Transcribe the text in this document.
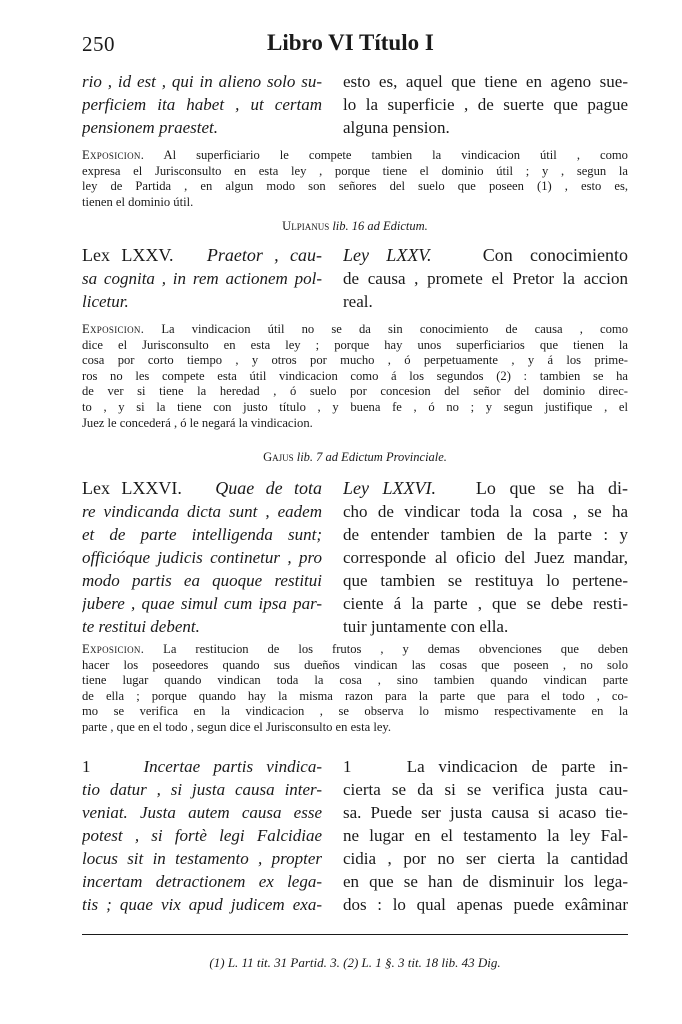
250	Libro VI Título I
rio , id est , qui in alieno solo su-
perficiem ita habet , ut certam
pensionem praestet.
esto es, aquel que tiene en ageno sue-
lo la superficie , de suerte que pague
alguna pension.
Exposicion. Al superficiario le compete tambien la vindicacion útil , como
expresa el Jurisconsulto en esta ley , porque tiene el dominio útil ; y , segun la
ley de Partida , en algun modo son señores del suelo que poseen (1) , esto es,
tienen el dominio útil.
Ulpianus lib. 16 ad Edictum.
Lex LXXV. Praetor , cau-
sa cognita , in rem actionem pol-
licetur.
Ley LXXV.	Con conocimiento
de causa , promete el Pretor la accion
real.
Exposicion. La vindicacion útil no se da sin conocimiento de causa , como
dice el Jurisconsulto en esta ley ; porque hay unos superficiarios que tienen la
cosa por corto tiempo , y otros por mucho , ó perpetuamente , y á los prime-
ros no les compete esta útil vindicacion como á los segundos (2) : tambien se ha
de ver si tiene la heredad , ó suelo por concesion del señor del dominio direc-
to , y si la tiene con justo título , y buena fe , ó no ; y segun justifique , el
Juez le concederá , ó le negará la vindicacion.
Gajus lib. 7 ad Edictum Provinciale.
Lex LXXVI. Quae de tota
re vindicanda dicta sunt , eadem
et de parte intelligenda sunt;
officióque judicis continetur , pro
modo partis ea quoque restitui
jubere , quae simul cum ipsa par-
te restitui debent.
Ley LXXVI. Lo que se ha di-
cho de vindicar toda la cosa , se ha
de entender tambien de la parte : y
corresponde al oficio del Juez mandar,
que tambien se restituya lo pertene-
ciente á la parte , que se debe resti-
tuir juntamente con ella.
Exposicion. La restitucion de los frutos , y demas obvenciones que deben
hacer los poseedores quando sus dueños vindican las cosas que poseen , no solo
tiene lugar quando vindican toda la cosa , sino tambien quando vindican parte
de ella ; porque quando hay la misma razon para la parte que para el todo , co-
mo se verifica en la vindicacion , se observa lo mismo respectivamente en la
parte , que en el todo , segun dice el Jurisconsulto en esta ley.
1	Incertae partis vindica-
tio datur , si justa causa inter-
veniat. Justa autem causa esse
potest , si fortè legi Falcidiae
locus sit in testamento , propter
incertam detractionem ex lega-
tis ; quae vix apud judicem exa-
1	La vindicacion de parte in-
cierta se da si se verifica justa cau-
sa. Puede ser justa causa si acaso tie-
ne lugar en el testamento la ley Fal-
cidia , por no ser cierta la cantidad
en que se han de disminuir los lega-
dos : lo qual apenas puede exâminar
(1) L. 11 tit. 31 Partid. 3. (2) L. 1 §. 3 tit. 18 lib. 43 Dig.
